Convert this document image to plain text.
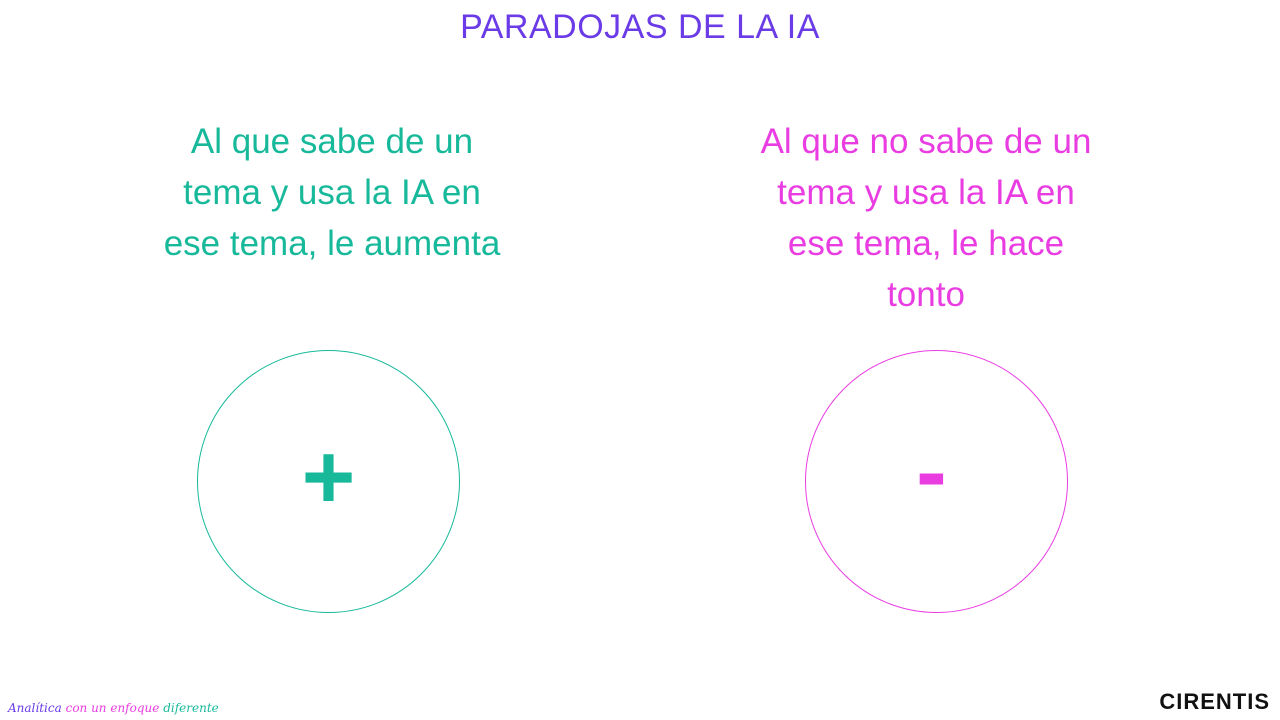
PARADOJAS DE LA IA
Al que sabe de un tema y usa la IA en ese tema, le aumenta
Al que no sabe de un tema y usa la IA en ese tema, le hace tonto
+	-
Analítica con un enfoque diferente	CIRENTIS
